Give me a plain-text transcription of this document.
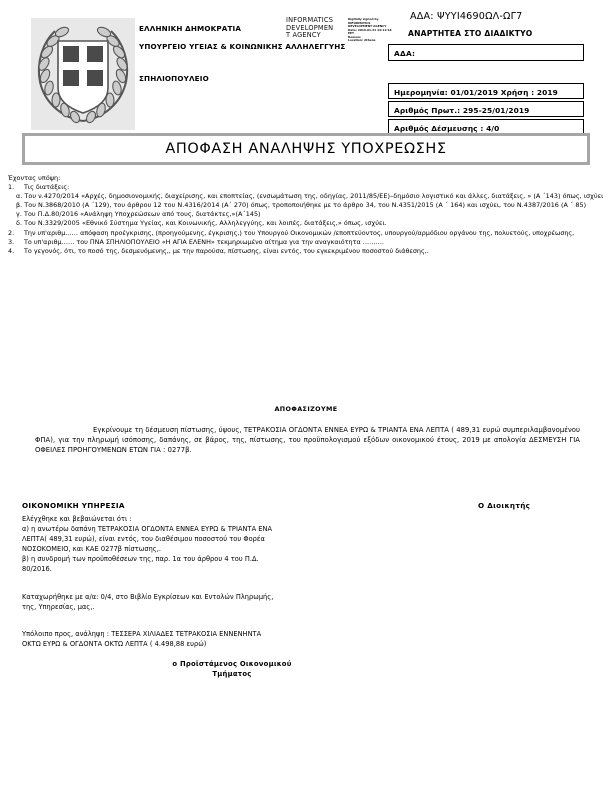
ΕΛΛΗΝΙΚΗ ΔΗΜΟΚΡΑΤΙΑ
ΥΠΟΥΡΓΕΙΟ ΥΓΕΙΑΣ & ΚΟΙΝΩΝΙΚΗΣ ΑΛΛΗΛΕΓΓΥΗΣ
ΣΠΗΛΙΟΠΟΥΛΕΙΟ
INFORMATICS
DEVELOPMEN
T AGENCY
Digitally signed by
INFORMATICS
DEVELOPMENT AGENCY
Date: 2019.01.31 12:11:18
EET
Reason:
Location: Athens
ΑΔΑ: ΨΥΥΙ4690ΩΛ-ΩΓ7
ΑΝΑΡΤΗΤΕΑ ΣΤΟ ΔΙΑΔΙΚΤΥΟ
ΑΔΑ:
Ημερομηνία: 01/01/2019 Χρήση : 2019
Αριθμός Πρωτ.: 295-25/01/2019
Αριθμός Δέσμευσης : 4/0
ΑΠΟΦΑΣΗ ΑΝΑΛΗΨΗΣ ΥΠΟΧΡΕΩΣΗΣ

Έχοντας υπόψη:

1.	Τις διατάξεις:

α. Του ν.4270/2014 «Αρχές, δημοσιονομικής, διαχείρισης, και εποπτείας, (ενσωμάτωση της, οδηγίας, 2011/85/ΕΕ)–δημόσιο λογιστικό και άλλες, διατάξεις, » (Α ΄143) όπως, ισχύει

β. Του Ν.3868/2010 (Α ΄129), του άρθρου 12 του Ν.4316/2014 (Α΄ 270) όπως, τροποποιήθηκε με το άρθρο 34, του Ν.4351/2015 (Α ΄ 164) και ισχύει, του Ν.4387/2016 (Α ΄ 85)

γ. Του Π.Δ.80/2016 «Ανάληψη Υποχρεώσεων από τους, διατάκτες,»(Α΄145)

δ. Του Ν.3329/2005 «Εθνικό Σύστημα Υγείας, και Κοινωνικής, Αλληλεγγύης, και λοιπές, διατάξεις,» όπως, ισχύει.

2.	Την υπ'αριθμ…… απόφαση προέγκρισης, (προηγούμενης, έγκρισης,) του Υπουργού Οικονομικών /εποπτεύοντος, υπουργού/αρμόδιου οργάνου της, πολυετούς, υποχρέωσης,
3.	Το υπ'αριθμ…… του ΠΝΑ ΣΠΗΛΙΟΠΟΥΛΕΙΟ «Η ΑΓΙΑ ΕΛΕΝΗ» τεκμηριωμένο αίτημα για την αναγκαιότητα ……….
4.	Το γεγονός, ότι, το ποσό της, δεσμευόμενης,, με την παρούσα, πίστωσης, είναι εντός, του εγκεκριμένου ποσοστού διάθεσης,.
ΑΠΟΦΑΣΙΖΟΥΜΕ

Εγκρίνουμε τη δέσμευση πίστωσης, ύψους, ΤΕΤΡΑΚΟΣΙΑ ΟΓΔΟΝΤΑ ΕΝΝΕΑ ΕΥΡΩ & ΤΡΙΑΝΤΑ ΕΝΑ ΛΕΠΤΑ ( 489,31 ευρώ συμπεριλαμβανομένου ΦΠΑ), για την πληρωμή ισόποσης, δαπάνης, σε βάρος, της, πίστωσης, του προϋπολογισμού εξόδων οικονομικού έτους, 2019 με απολογία ΔΕΣΜΕΥΣΗ ΓΙΑ ΟΦΕΙΛΕΣ ΠΡΟΗΓΟΥΜΕΝΩΝ ΕΤΩΝ ΓΙΑ : 0277β.

ΟΙΚΟΝΟΜΙΚΗ ΥΠΗΡΕΣΙΑ	Ο Διοικητής

Ελέγχθηκε και βεβαιώνεται ότι :

α) η ανωτέρω δαπάνη ΤΕΤΡΑΚΟΣΙΑ ΟΓΔΟΝΤΑ ΕΝΝΕΑ ΕΥΡΩ & ΤΡΙΑΝΤΑ ΕΝΑ

ΛΕΠΤΑ( 489,31 ευρώ), είναι εντός, του διαθέσιμου ποσοστού του Φορέα

ΝΟΣΟΚΟΜΕΙΟ, και ΚΑΕ 0277β πίστωσης,.

β) η συνδρομή των προϋποθέσεων της, παρ. 1α του άρθρου 4 του Π.Δ.

80/2016.

Καταχωρήθηκε με α/α: 0/4, στο Βιβλίο Εγκρίσεων και Εντολών Πληρωμής,

της, Υπηρεσίας, μας,.

Υπόλοιπο προς, ανάληψη : ΤΕΣΣΕΡΑ ΧΙΛΙΑΔΕΣ ΤΕΤΡΑΚΟΣΙΑ ΕΝΝΕΝΗΝΤΑ

ΟΚΤΩ ΕΥΡΩ & ΟΓΔΟΝΤΑ ΟΚΤΩ ΛΕΠΤΑ ( 4.498,88 ευρώ)

ο Προϊστάμενος Οικονομικού
Τμήματος
